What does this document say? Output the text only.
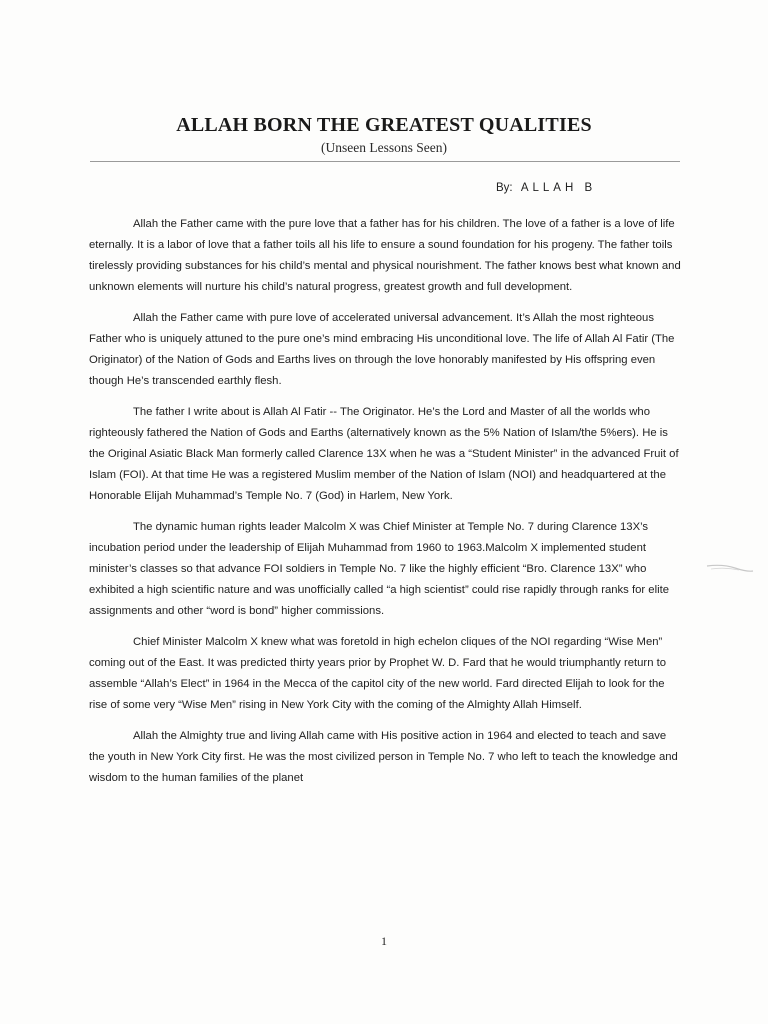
ALLAH BORN THE GREATEST QUALITIES

(Unseen Lessons Seen)

By: ALLAH B

Allah the Father came with the pure love that a father has for his children. The love of a father is a love of life eternally. It is a labor of love that a father toils all his life to ensure a sound foundation for his progeny. The father toils tirelessly providing substances for his child’s mental and physical nourishment. The father knows best what known and unknown elements will nurture his child’s natural progress, greatest growth and full development.

Allah the Father came with pure love of accelerated universal advancement. It’s Allah the most righteous Father who is uniquely attuned to the pure one’s mind embracing His unconditional love. The life of Allah Al Fatir (The Originator) of the Nation of Gods and Earths lives on through the love honorably manifested by His offspring even though He’s transcended earthly flesh.

The father I write about is Allah Al Fatir -- The Originator. He’s the Lord and Master of all the worlds who righteously fathered the Nation of Gods and Earths (alternatively known as the 5% Nation of Islam/the 5%ers). He is the Original Asiatic Black Man formerly called Clarence 13X when he was a “Student Minister” in the advanced Fruit of Islam (FOI). At that time He was a registered Muslim member of the Nation of Islam (NOI) and headquartered at the Honorable Elijah Muhammad’s Temple No. 7 (God) in Harlem, New York.

The dynamic human rights leader Malcolm X was Chief Minister at Temple No. 7 during Clarence 13X’s incubation period under the leadership of Elijah Muhammad from 1960 to 1963.Malcolm X implemented student minister’s classes so that advance FOI soldiers in Temple No. 7 like the highly efficient “Bro. Clarence 13X” who exhibited a high scientific nature and was unofficially called “a high scientist” could rise rapidly through ranks for elite assignments and other “word is bond” higher commissions.

Chief Minister Malcolm X knew what was foretold in high echelon cliques of the NOI regarding “Wise Men” coming out of the East. It was predicted thirty years prior by Prophet W. D. Fard that he would triumphantly return to assemble “Allah’s Elect” in 1964 in the Mecca of the capitol city of the new world. Fard directed Elijah to look for the rise of some very “Wise Men” rising in New York City with the coming of the Almighty Allah Himself.

Allah the Almighty true and living Allah came with His positive action in 1964 and elected to teach and save the youth in New York City first. He was the most civilized person in Temple No. 7 who left to teach the knowledge and wisdom to the human families of the planet

1
